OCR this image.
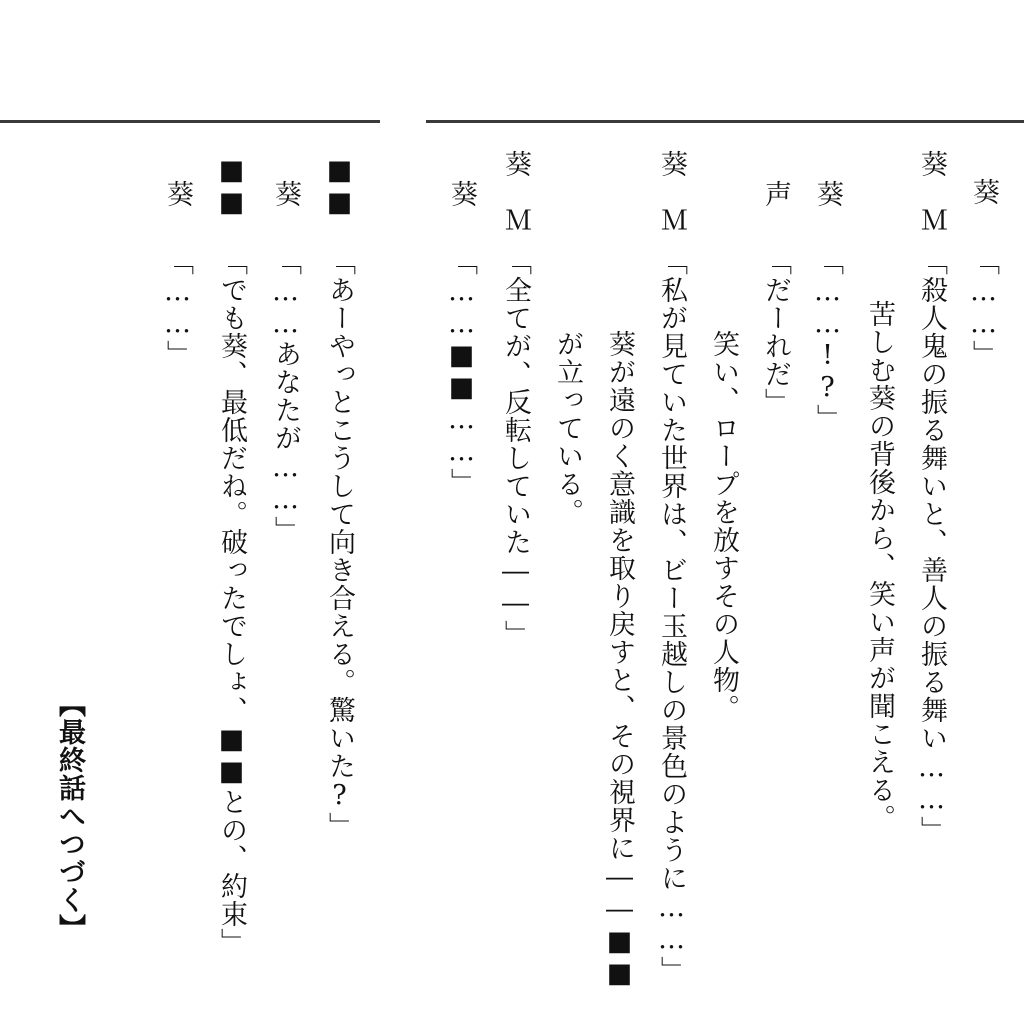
葵
「……」
葵　Ｍ
「殺人鬼の振る舞いと、善人の振る舞い……」
苦しむ葵の背後から、笑い声が聞こえる。
葵
「……!?」
声
「だーれだ」
笑い、ロープを放すその人物。
葵　Ｍ
「私が見ていた世界は、ビー玉越しの景色のように……」
葵が遠のく意識を取り戻すと、その視界に――■■
が立っている。
葵　Ｍ
「全てが、反転していた――」
葵
「……■■……」
■■
「あーやっとこうして向き合える。驚いた?」
葵
「……あなたが……」
■■
「でも葵、最低だね。破ったでしょ、■■との、約束」
葵
「……」
【最終話へつづく】
